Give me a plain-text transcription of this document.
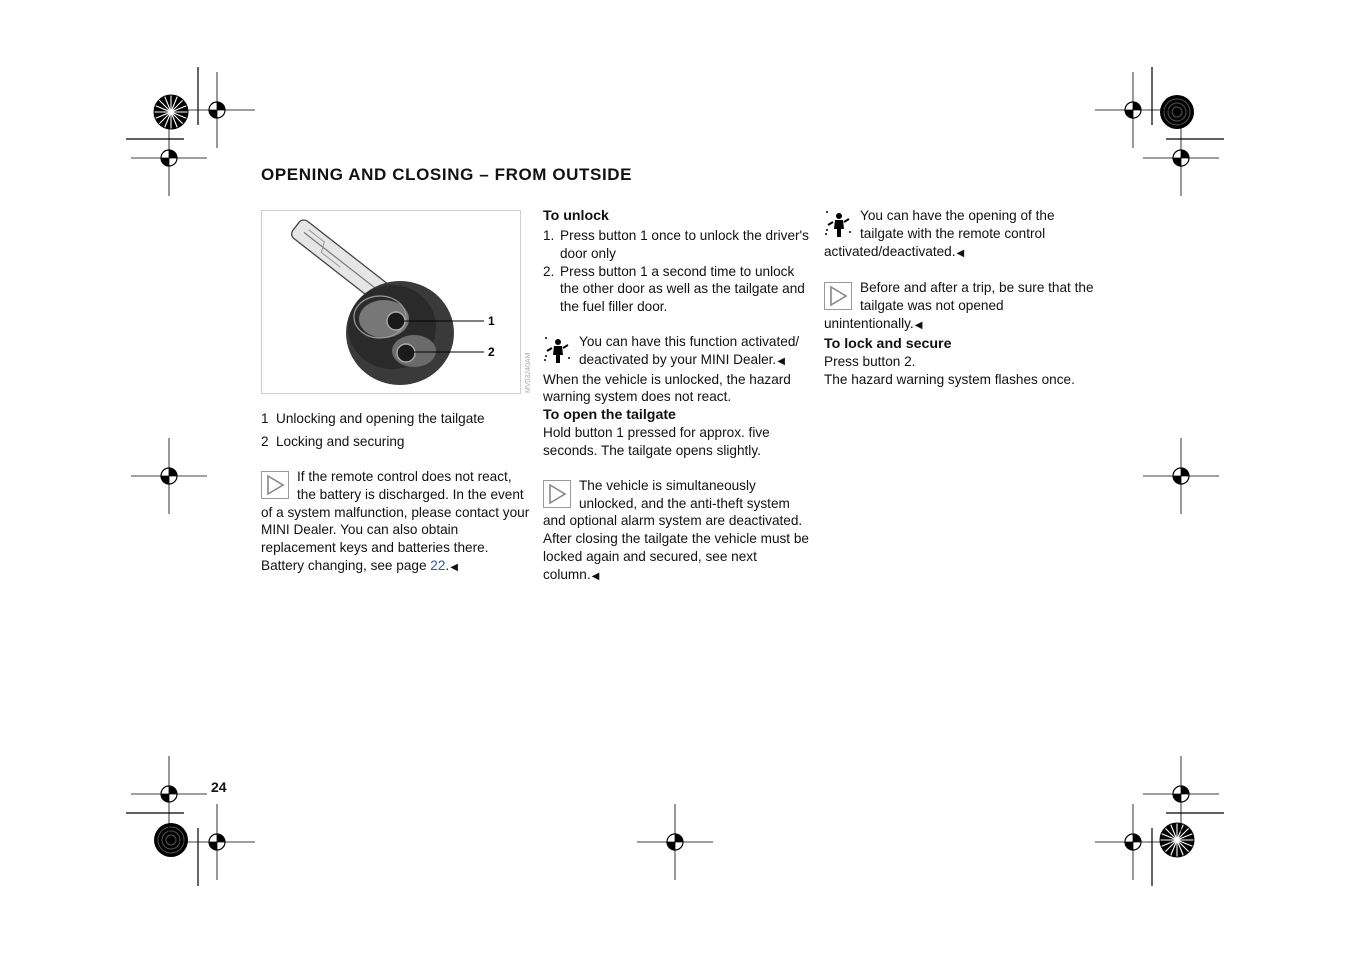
OPENING AND CLOSING – FROM OUTSIDE
1
2
MV03240AM
1 Unlocking and opening the tailgate
2 Locking and securing
If the remote control does not react, the battery is discharged. In the event of a system malfunction, please contact your MINI Dealer. You can also obtain replacement keys and batteries there. Battery changing, see page 22.◀
To unlock
1. Press button 1 once to unlock the driver's door only
2. Press button 1 a second time to unlock the other door as well as the tailgate and the fuel filler door.
You can have this function activated/ deactivated by your MINI Dealer.◀

When the vehicle is unlocked, the hazard warning system does not react.

To open the tailgate

Hold button 1 pressed for approx. five seconds. The tailgate opens slightly.

The vehicle is simultaneously unlocked, and the anti-theft system and optional alarm system are deactivated. After closing the tailgate the vehicle must be locked again and secured, see next column.◀
You can have the opening of the tailgate with the remote control activated/deactivated.◀
Before and after a trip, be sure that the tailgate was not opened unintentionally.◀
To lock and secure

Press button 2.

The hazard warning system flashes once.

24
